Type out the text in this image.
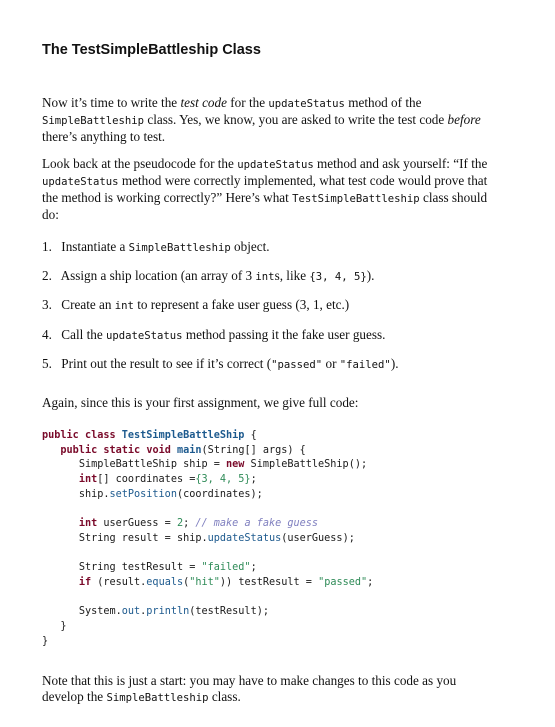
The TestSimpleBattleship Class

Now it’s time to write the test code for the updateStatus method of the SimpleBattleship class. Yes, we know, you are asked to write the test code before there’s anything to test.

Look back at the pseudocode for the updateStatus method and ask yourself: “If the updateStatus method were correctly implemented, what test code would prove that the method is working correctly?” Here’s what TestSimpleBattleship class should do:

1. Instantiate a SimpleBattleship object.
2. Assign a ship location (an array of 3 ints, like {3, 4, 5}).
3. Create an int to represent a fake user guess (3, 1, etc.)
4. Call the updateStatus method passing it the fake user guess.
5. Print out the result to see if it’s correct ("passed" or "failed").

Again, since this is your first assignment, we give full code:

public class TestSimpleBattleShip {
public static void main(String[] args) {
SimpleBattleShip ship = new SimpleBattleShip();
int[] coordinates ={3, 4, 5};
ship.setPosition(coordinates);
int userGuess = 2; // make a fake guess
String result = ship.updateStatus(userGuess);
String testResult = "failed";
if (result.equals("hit")) testResult = "passed";
System.out.println(testResult);
}
}

Note that this is just a start: you may have to make changes to this code as you develop the SimpleBattleship class.
